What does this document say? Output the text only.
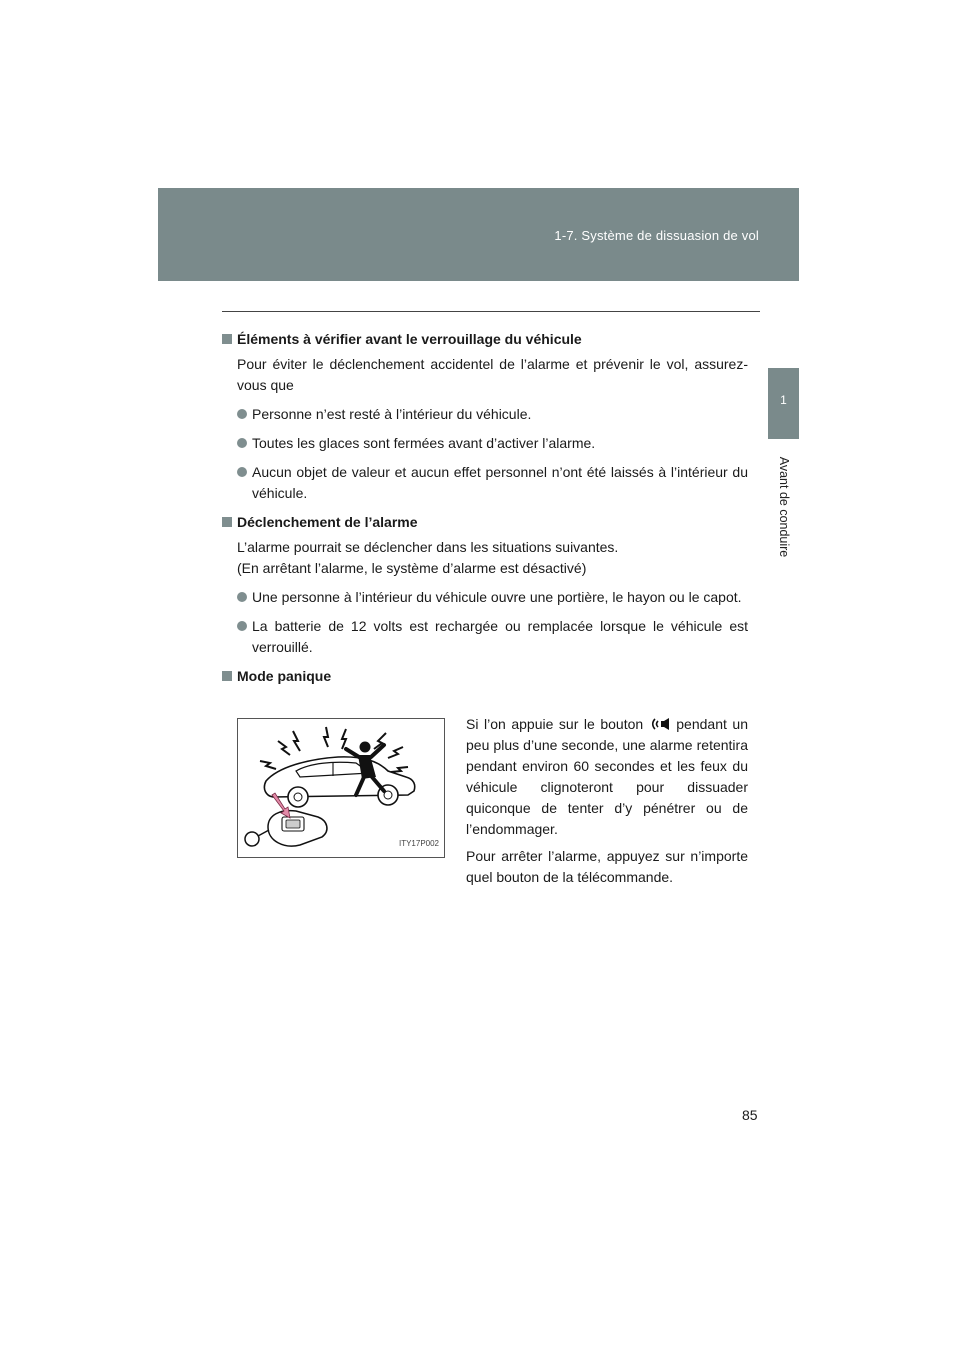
1-7. Système de dissuasion de vol
1
Avant de conduire
Éléments à vérifier avant le verrouillage du véhicule

Pour éviter le déclenchement accidentel de l’alarme et prévenir le vol, assurez-vous que

Personne n’est resté à l’intérieur du véhicule.
Toutes les glaces sont fermées avant d’activer l’alarme.
Aucun objet de valeur et aucun effet personnel n’ont été laissés à l’intérieur du véhicule.
Déclenchement de l’alarme

L’alarme pourrait se déclencher dans les situations suivantes.
(En arrêtant l’alarme, le système d’alarme est désactivé)

Une personne à l’intérieur du véhicule ouvre une portière, le hayon ou le capot.
La batterie de 12 volts est rechargée ou remplacée lorsque le véhicule est verrouillé.
Mode panique
ITY17P002

Si l’on appuie sur le bouton pendant un peu plus d’une seconde, une alarme retentira pendant environ 60 secondes et les feux du véhicule clignoteront pour dissuader quiconque de tenter d’y pénétrer ou de l’endommager.

Pour arrêter l’alarme, appuyez sur n’importe quel bouton de la télécommande.

85
